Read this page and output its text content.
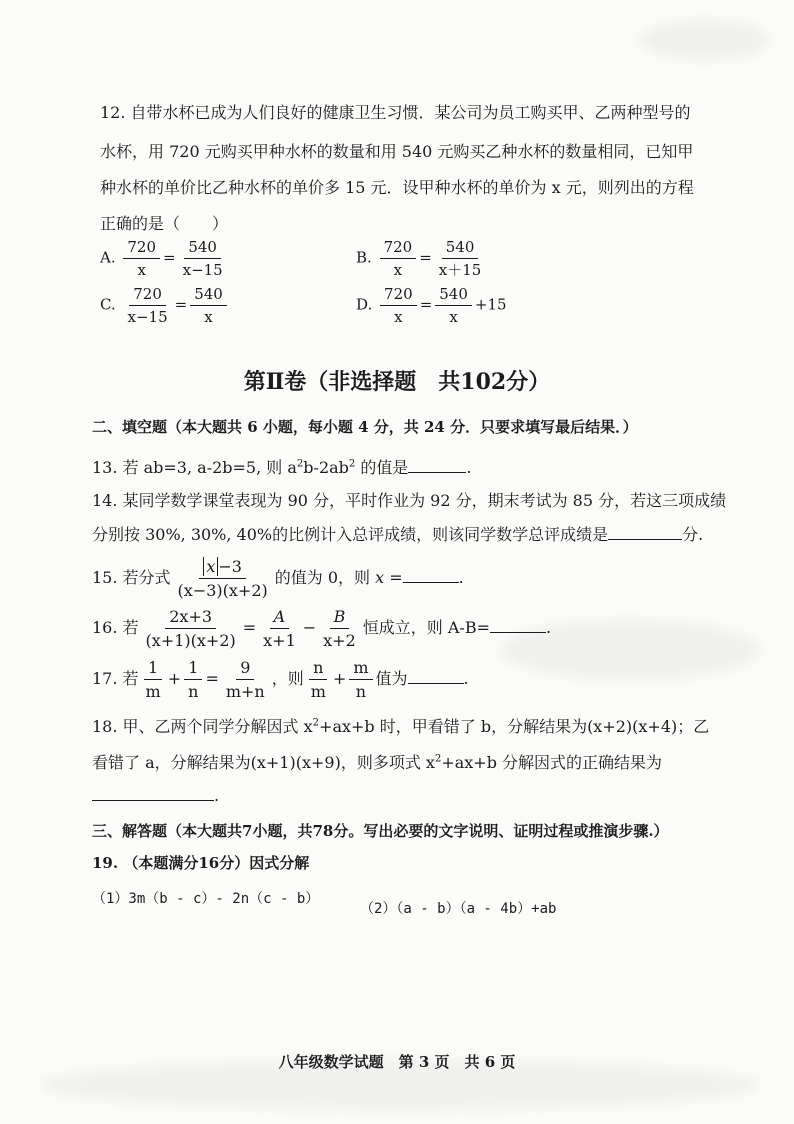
12. 自带水杯已成为人们良好的健康卫生习惯．某公司为员工购买甲、乙两种型号的
水杯，用 720 元购买甲种水杯的数量和用 540 元购买乙种水杯的数量相同，已知甲
种水杯的单价比乙种水杯的单价多 15 元．设甲种水杯的单价为 x 元，则列出的方程
正确的是（　　）
A. $\frac{720}{x} = \frac{540}{x-15}$	B. $\frac{720}{x} = \frac{540}{x+15}$
C. $\frac{720}{x-15} = \frac{540}{x}$	D. $\frac{720}{x} = \frac{540}{x} +15$
第Ⅱ卷（非选择题　共102分）
二、填空题（本大题共 6 小题，每小题 4 分，共 24 分．只要求填写最后结果．）
13. 若 ab=3, a-2b=5, 则 $a^2b-2ab^2$ 的值是	.
14. 某同学数学课堂表现为 90 分，平时作业为 92 分，期末考试为 85 分，若这三项成绩
分别按 30%, 30%, 40%的比例计入总评成绩，则该同学数学总评成绩是	分.
15. 若分式 $\frac{x -3}{(x-3)(x+2)}$ 的值为 0，则 x =	.
16. 若 $\frac{2x+3}{(x+1)(x+2)} = \frac{A}{x+1} - \frac{B}{x+2}$ 恒成立，则 A-B=	.
17. 若 $\frac{1}{m} + \frac{1}{n} = \frac{9}{m+n}$ ，则 $\frac{n}{m} + \frac{m}{n}$ 值为	.
18. 甲、乙两个同学分解因式 $x^2+ax+b$ 时，甲看错了 b，分解结果为(x+2)(x+4)；乙
看错了 a，分解结果为(x+1)(x+9)，则多项式 $x^2+ax+b$ 分解因式的正确结果为
.
三、解答题（本大题共7小题，共78分。写出必要的文字说明、证明过程或推演步骤.）
19. （本题满分16分）因式分解
（1）3m（b - c）- 2n（c - b）
（2）（a - b）（a - 4b）+ab
八年级数学试题　第 3 页　共 6 页
